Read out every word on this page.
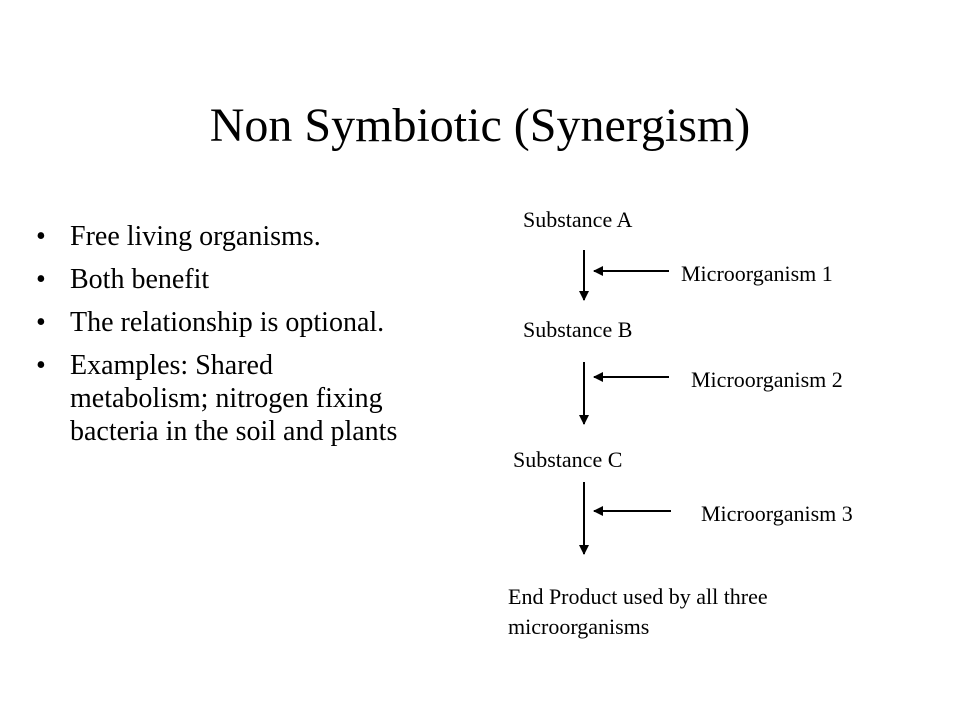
Non Symbiotic (Synergism)
• Free living organisms.
• Both benefit
• The relationship is optional.
• Examples: Shared metabolism; nitrogen fixing bacteria in the soil and plants
Substance A
Microorganism 1
Substance B
Microorganism 2
Substance C
Microorganism 3
End Product used by all three microorganisms
